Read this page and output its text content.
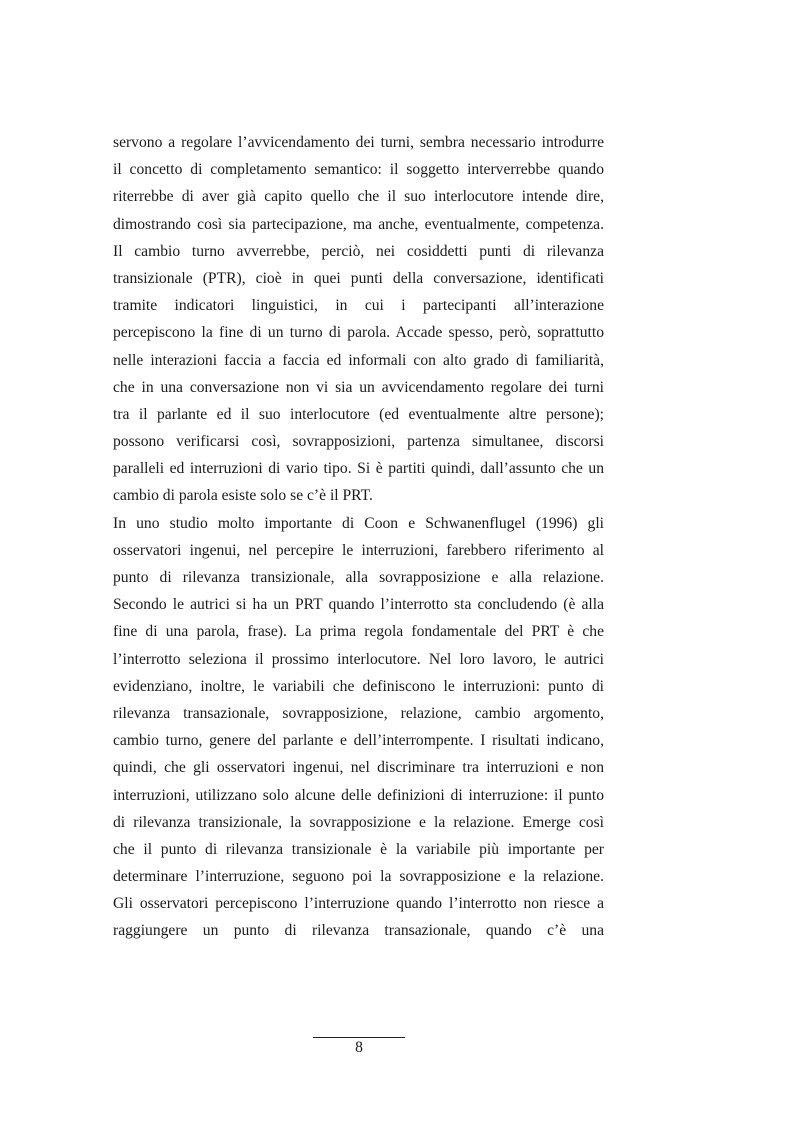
servono a regolare l’avvicendamento dei turni, sembra necessario introdurre
il concetto di completamento semantico: il soggetto interverrebbe quando
riterrebbe di aver già capito quello che il suo interlocutore intende dire,
dimostrando così sia partecipazione, ma anche, eventualmente, competenza.
Il cambio turno avverrebbe, perciò, nei cosiddetti punti di rilevanza
transizionale (PTR), cioè in quei punti della conversazione, identificati
tramite indicatori linguistici, in cui i partecipanti all’interazione
percepiscono la fine di un turno di parola. Accade spesso, però, soprattutto
nelle interazioni faccia a faccia ed informali con alto grado di familiarità,
che in una conversazione non vi sia un avvicendamento regolare dei turni
tra il parlante ed il suo interlocutore (ed eventualmente altre persone);
possono verificarsi così, sovrapposizioni, partenza simultanee, discorsi
paralleli ed interruzioni di vario tipo. Si è partiti quindi, dall’assunto che un
cambio di parola esiste solo se c’è il PRT.
In uno studio molto importante di Coon e Schwanenflugel (1996) gli
osservatori ingenui, nel percepire le interruzioni, farebbero riferimento al
punto di rilevanza transizionale, alla sovrapposizione e alla relazione.
Secondo le autrici si ha un PRT quando l’interrotto sta concludendo (è alla
fine di una parola, frase). La prima regola fondamentale del PRT è che
l’interrotto seleziona il prossimo interlocutore. Nel loro lavoro, le autrici
evidenziano, inoltre, le variabili che definiscono le interruzioni: punto di
rilevanza transazionale, sovrapposizione, relazione, cambio argomento,
cambio turno, genere del parlante e dell’interrompente. I risultati indicano,
quindi, che gli osservatori ingenui, nel discriminare tra interruzioni e non
interruzioni, utilizzano solo alcune delle definizioni di interruzione: il punto
di rilevanza transizionale, la sovrapposizione e la relazione. Emerge così
che il punto di rilevanza transizionale è la variabile più importante per
determinare l’interruzione, seguono poi la sovrapposizione e la relazione.
Gli osservatori percepiscono l’interruzione quando l’interrotto non riesce a
raggiungere un punto di rilevanza transazionale, quando c’è una
8
